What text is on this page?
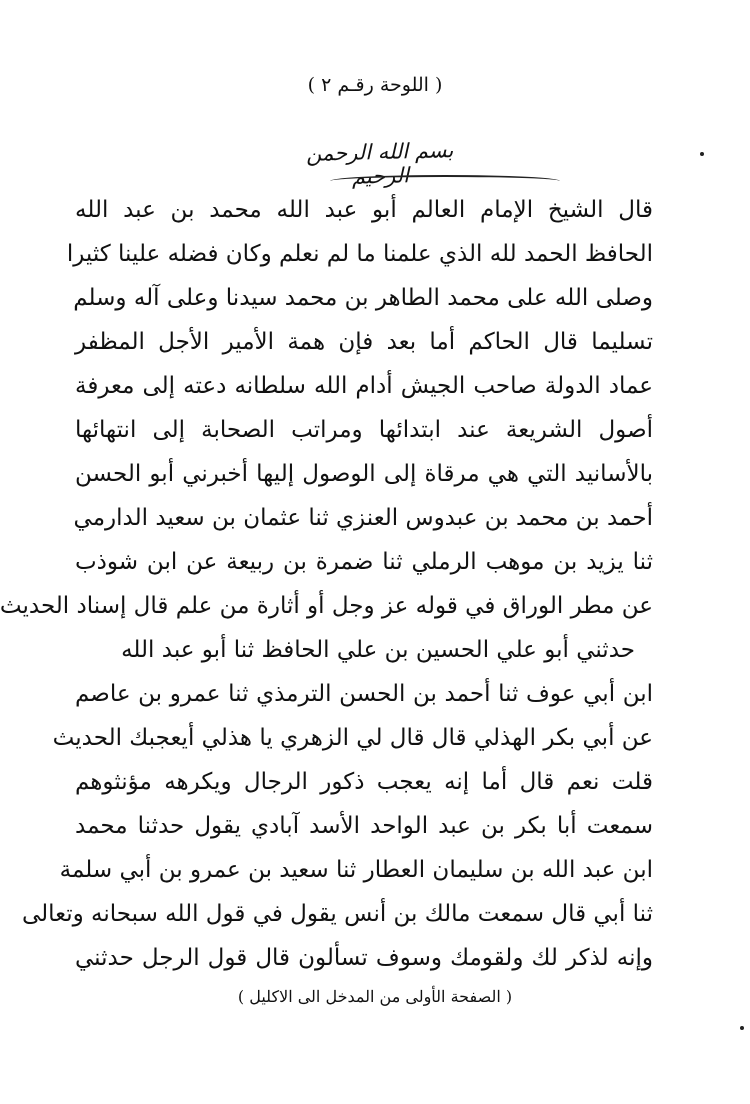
( اللوحة رقـم ٢ )
بسم الله الرحمن الرحيم
قال الشيخ الإمام العالم أبو عبد الله محمد بن عبد الله
الحافظ الحمد لله الذي علمنا ما لم نعلم وكان فضله علينا كثيرا
وصلى الله على محمد الطاهر بن محمد سيدنا وعلى آله وسلم
تسليما قال الحاكم أما بعد فإن همة الأمير الأجل المظفر
عماد الدولة صاحب الجيش أدام الله سلطانه دعته إلى معرفة
أصول الشريعة عند ابتدائها ومراتب الصحابة إلى انتهائها
بالأسانيد التي هي مرقاة إلى الوصول إليها أخبرني أبو الحسن
أحمد بن محمد بن عبدوس العنزي ثنا عثمان بن سعيد الدارمي
ثنا يزيد بن موهب الرملي ثنا ضمرة بن ربيعة عن ابن شوذب
عن مطر الوراق في قوله عز وجل أو أثارة من علم قال إسناد الحديث
حدثني أبو علي الحسين بن علي الحافظ ثنا أبو عبد الله
ابن أبي عوف ثنا أحمد بن الحسن الترمذي ثنا عمرو بن عاصم
عن أبي بكر الهذلي قال قال لي الزهري يا هذلي أيعجبك الحديث
قلت نعم قال أما إنه يعجب ذكور الرجال ويكرهه مؤنثوهم
سمعت أبا بكر بن عبد الواحد الأسد آبادي يقول حدثنا محمد
ابن عبد الله بن سليمان العطار ثنا سعيد بن عمرو بن أبي سلمة
ثنا أبي قال سمعت مالك بن أنس يقول في قول الله سبحانه وتعالى
وإنه لذكر لك ولقومك وسوف تسألون قال قول الرجل حدثني
( الصفحة الأولى من المدخل الى الاكليل )
